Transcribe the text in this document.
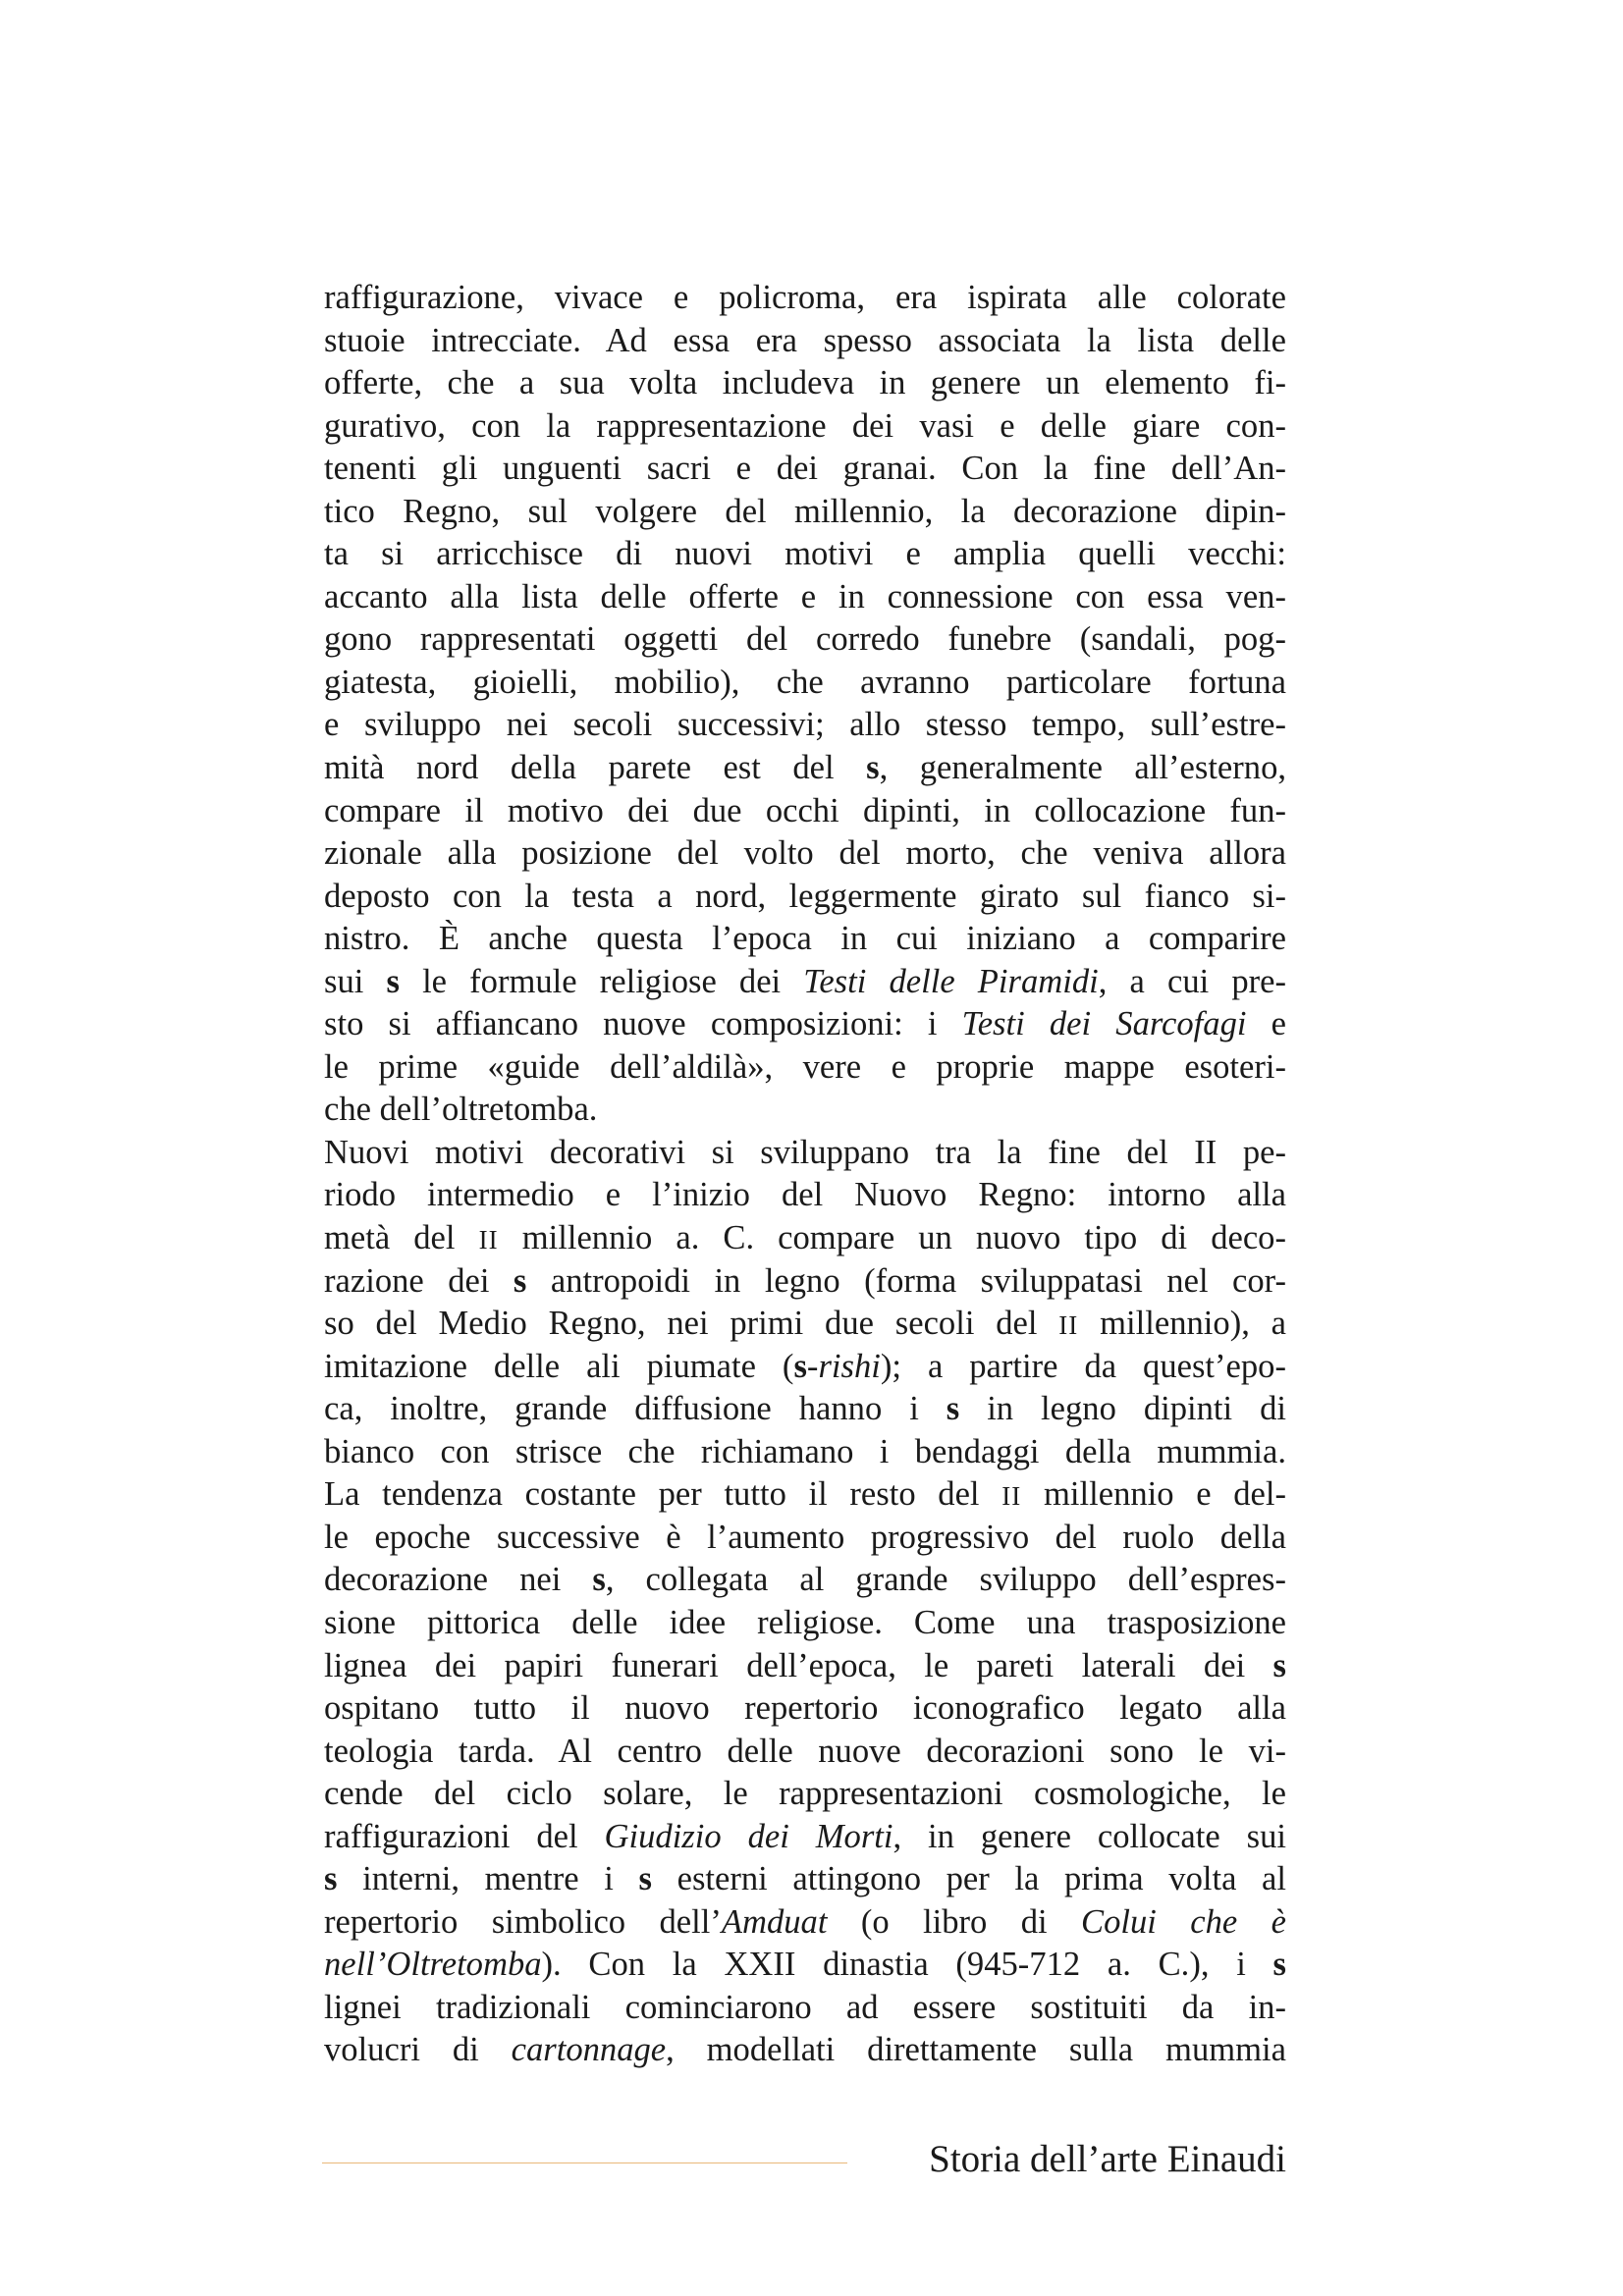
raffigurazione, vivace e policroma, era ispirata alle colorate
stuoie intrecciate. Ad essa era spesso associata la lista delle
offerte, che a sua volta includeva in genere un elemento fi-
gurativo, con la rappresentazione dei vasi e delle giare con-
tenenti gli unguenti sacri e dei granai. Con la fine dell’An-
tico Regno, sul volgere del millennio, la decorazione dipin-
ta si arricchisce di nuovi motivi e amplia quelli vecchi:
accanto alla lista delle offerte e in connessione con essa ven-
gono rappresentati oggetti del corredo funebre (sandali, pog-
giatesta, gioielli, mobilio), che avranno particolare fortuna
e sviluppo nei secoli successivi; allo stesso tempo, sull’estre-
mità nord della parete est del s, generalmente all’esterno,
compare il motivo dei due occhi dipinti, in collocazione fun-
zionale alla posizione del volto del morto, che veniva allora
deposto con la testa a nord, leggermente girato sul fianco si-
nistro. È anche questa l’epoca in cui iniziano a comparire
sui s le formule religiose dei Testi delle Piramidi, a cui pre-
sto si affiancano nuove composizioni: i Testi dei Sarcofagi e
le prime «guide dell’aldilà», vere e proprie mappe esoteri-
che dell’oltretomba.
Nuovi motivi decorativi si sviluppano tra la fine del II pe-
riodo intermedio e l’inizio del Nuovo Regno: intorno alla
metà del II millennio a. C. compare un nuovo tipo di deco-
razione dei s antropoidi in legno (forma sviluppatasi nel cor-
so del Medio Regno, nei primi due secoli del II millennio), a
imitazione delle ali piumate (s-rishi); a partire da quest’epo-
ca, inoltre, grande diffusione hanno i s in legno dipinti di
bianco con strisce che richiamano i bendaggi della mummia.
La tendenza costante per tutto il resto del II millennio e del-
le epoche successive è l’aumento progressivo del ruolo della
decorazione nei s, collegata al grande sviluppo dell’espres-
sione pittorica delle idee religiose. Come una trasposizione
lignea dei papiri funerari dell’epoca, le pareti laterali dei s
ospitano tutto il nuovo repertorio iconografico legato alla
teologia tarda. Al centro delle nuove decorazioni sono le vi-
cende del ciclo solare, le rappresentazioni cosmologiche, le
raffigurazioni del Giudizio dei Morti, in genere collocate sui
s interni, mentre i s esterni attingono per la prima volta al
repertorio simbolico dell’Amduat (o libro di Colui che è
nell’Oltretomba). Con la XXII dinastia (945-712 a. C.), i s
lignei tradizionali cominciarono ad essere sostituiti da in-
volucri di cartonnage, modellati direttamente sulla mummia
Storia dell’arte Einaudi
